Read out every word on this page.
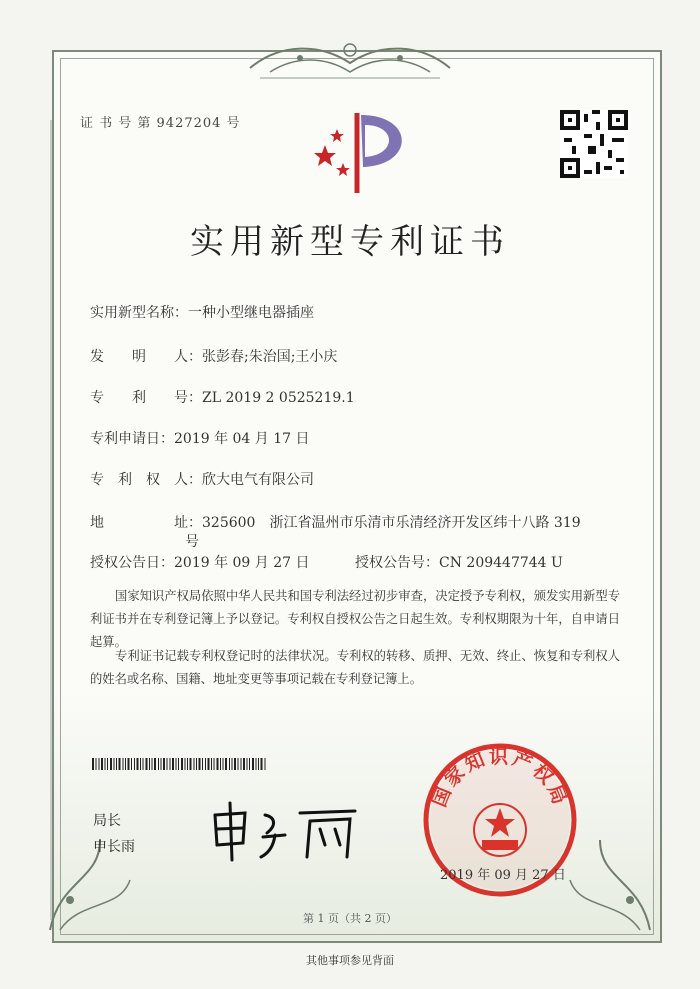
证 书 号 第 9427204 号
实用新型专利证书
实用新型名称：一种小型继电器插座
发　　明　　人：张彭春;朱治国;王小庆
专　　利　　号：ZL 2019 2 0525219.1
专利申请日：2019 年 04 月 17 日
专　利　权　人：欣大电气有限公司
地　　　　　址：325600　浙江省温州市乐清市乐清经济开发区纬十八路 319
号
授权公告日：2019 年 09 月 27 日	授权公告号：CN 209447744 U
国家知识产权局依照中华人民共和国专利法经过初步审查，决定授予专利权，颁发实用新型专利证书并在专利登记簿上予以登记。专利权自授权公告之日起生效。专利权期限为十年，自申请日起算。
专利证书记载专利权登记时的法律状况。专利权的转移、质押、无效、终止、恢复和专利权人的姓名或名称、国籍、地址变更等事项记载在专利登记簿上。
局长
申长雨
国家知识产权局
2019 年 09 月 27 日
第 1 页（共 2 页）
其他事项参见背面
